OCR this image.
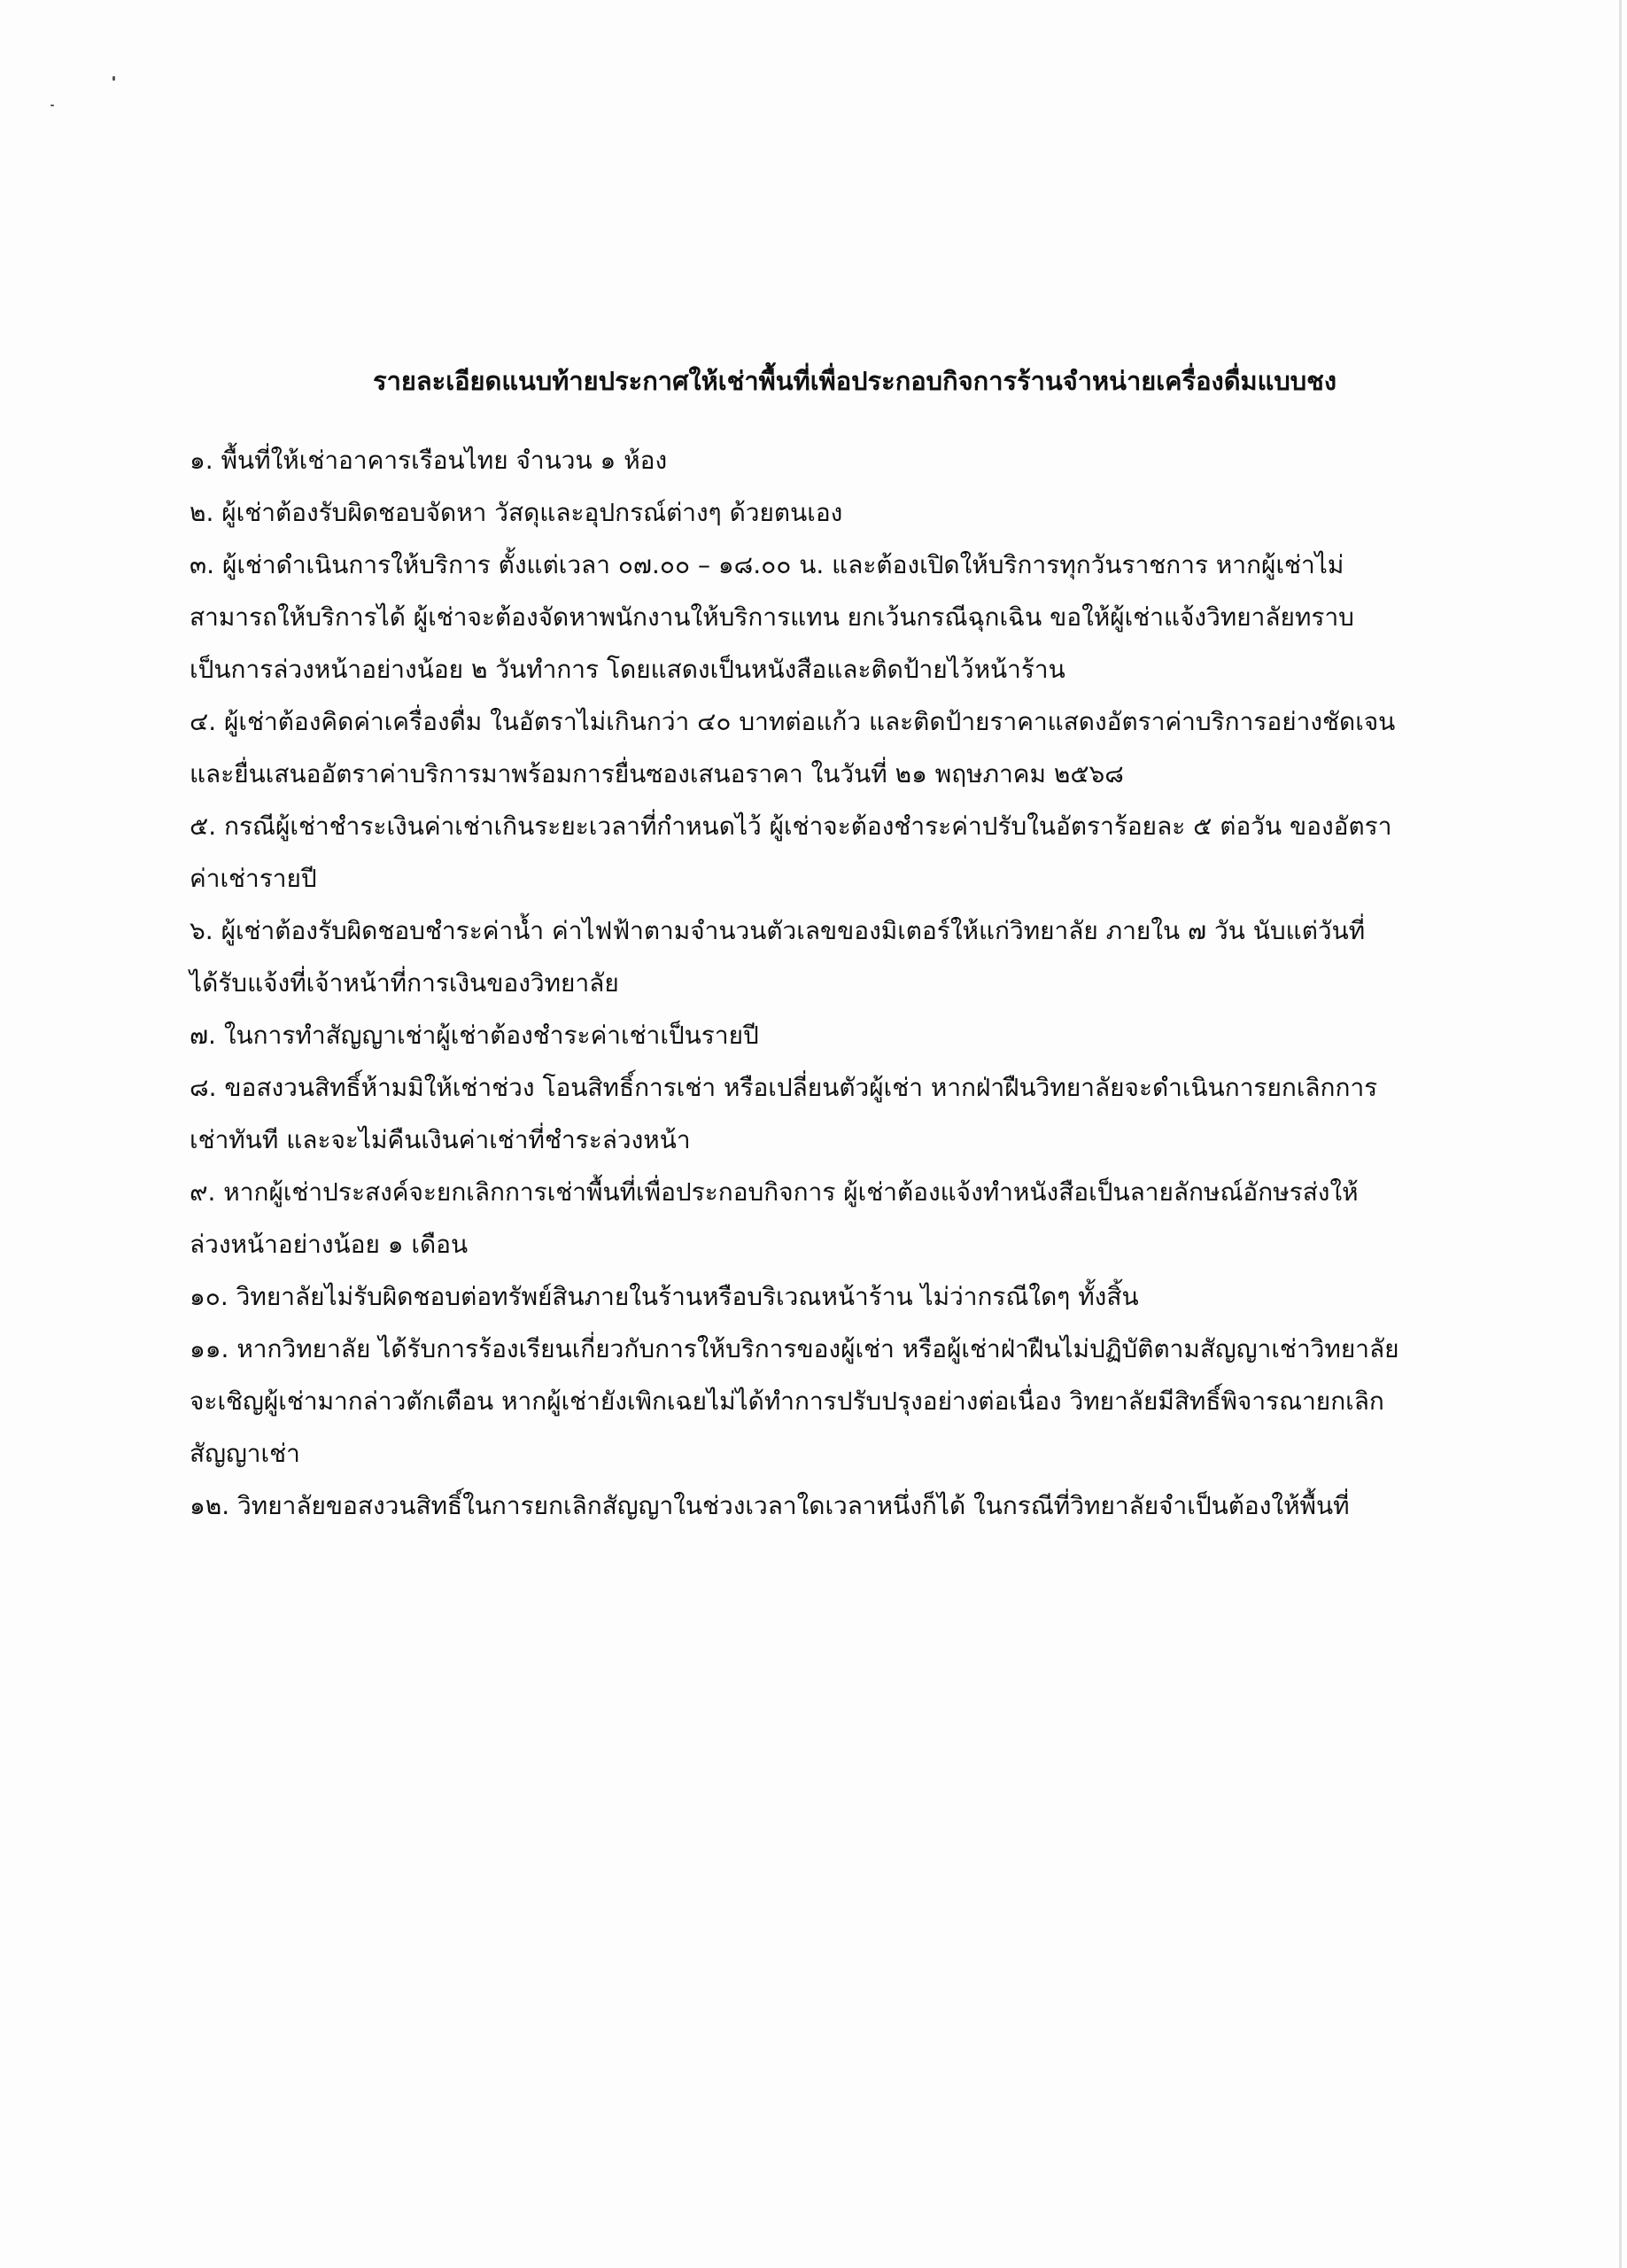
รายละเอียดแนบท้ายประกาศให้เช่าพื้นที่เพื่อประกอบกิจการร้านจำหน่ายเครื่องดื่มแบบชง
๑. พื้นที่ให้เช่าอาคารเรือนไทย จำนวน ๑ ห้อง
๒. ผู้เช่าต้องรับผิดชอบจัดหา วัสดุและอุปกรณ์ต่างๆ ด้วยตนเอง
๓. ผู้เช่าดำเนินการให้บริการ ตั้งแต่เวลา ๐๗.๐๐ – ๑๘.๐๐ น. และต้องเปิดให้บริการทุกวันราชการ หากผู้เช่าไม่
สามารถให้บริการได้ ผู้เช่าจะต้องจัดหาพนักงานให้บริการแทน ยกเว้นกรณีฉุกเฉิน ขอให้ผู้เช่าแจ้งวิทยาลัยทราบ
เป็นการล่วงหน้าอย่างน้อย ๒ วันทำการ โดยแสดงเป็นหนังสือและติดป้ายไว้หน้าร้าน
๔. ผู้เช่าต้องคิดค่าเครื่องดื่ม ในอัตราไม่เกินกว่า ๔๐ บาทต่อแก้ว และติดป้ายราคาแสดงอัตราค่าบริการอย่างชัดเจน
และยื่นเสนออัตราค่าบริการมาพร้อมการยื่นซองเสนอราคา ในวันที่ ๒๑ พฤษภาคม ๒๕๖๘
๕. กรณีผู้เช่าชำระเงินค่าเช่าเกินระยะเวลาที่กำหนดไว้ ผู้เช่าจะต้องชำระค่าปรับในอัตราร้อยละ ๕ ต่อวัน ของอัตรา
ค่าเช่ารายปี
๖. ผู้เช่าต้องรับผิดชอบชำระค่าน้ำ ค่าไฟฟ้าตามจำนวนตัวเลขของมิเตอร์ให้แก่วิทยาลัย ภายใน ๗ วัน นับแต่วันที่
ได้รับแจ้งที่เจ้าหน้าที่การเงินของวิทยาลัย
๗. ในการทำสัญญาเช่าผู้เช่าต้องชำระค่าเช่าเป็นรายปี
๘. ขอสงวนสิทธิ์ห้ามมิให้เช่าช่วง โอนสิทธิ์การเช่า หรือเปลี่ยนตัวผู้เช่า หากฝ่าฝืนวิทยาลัยจะดำเนินการยกเลิกการ
เช่าทันที และจะไม่คืนเงินค่าเช่าที่ชำระล่วงหน้า
๙. หากผู้เช่าประสงค์จะยกเลิกการเช่าพื้นที่เพื่อประกอบกิจการ ผู้เช่าต้องแจ้งทำหนังสือเป็นลายลักษณ์อักษรส่งให้
ล่วงหน้าอย่างน้อย ๑ เดือน
๑๐. วิทยาลัยไม่รับผิดชอบต่อทรัพย์สินภายในร้านหรือบริเวณหน้าร้าน ไม่ว่ากรณีใดๆ ทั้งสิ้น
๑๑. หากวิทยาลัย ได้รับการร้องเรียนเกี่ยวกับการให้บริการของผู้เช่า หรือผู้เช่าฝ่าฝืนไม่ปฏิบัติตามสัญญาเช่าวิทยาลัย
จะเชิญผู้เช่ามากล่าวตักเตือน หากผู้เช่ายังเพิกเฉยไม่ได้ทำการปรับปรุงอย่างต่อเนื่อง วิทยาลัยมีสิทธิ์พิจารณายกเลิก
สัญญาเช่า
๑๒. วิทยาลัยขอสงวนสิทธิ์ในการยกเลิกสัญญาในช่วงเวลาใดเวลาหนึ่งก็ได้ ในกรณีที่วิทยาลัยจำเป็นต้องให้พื้นที่
